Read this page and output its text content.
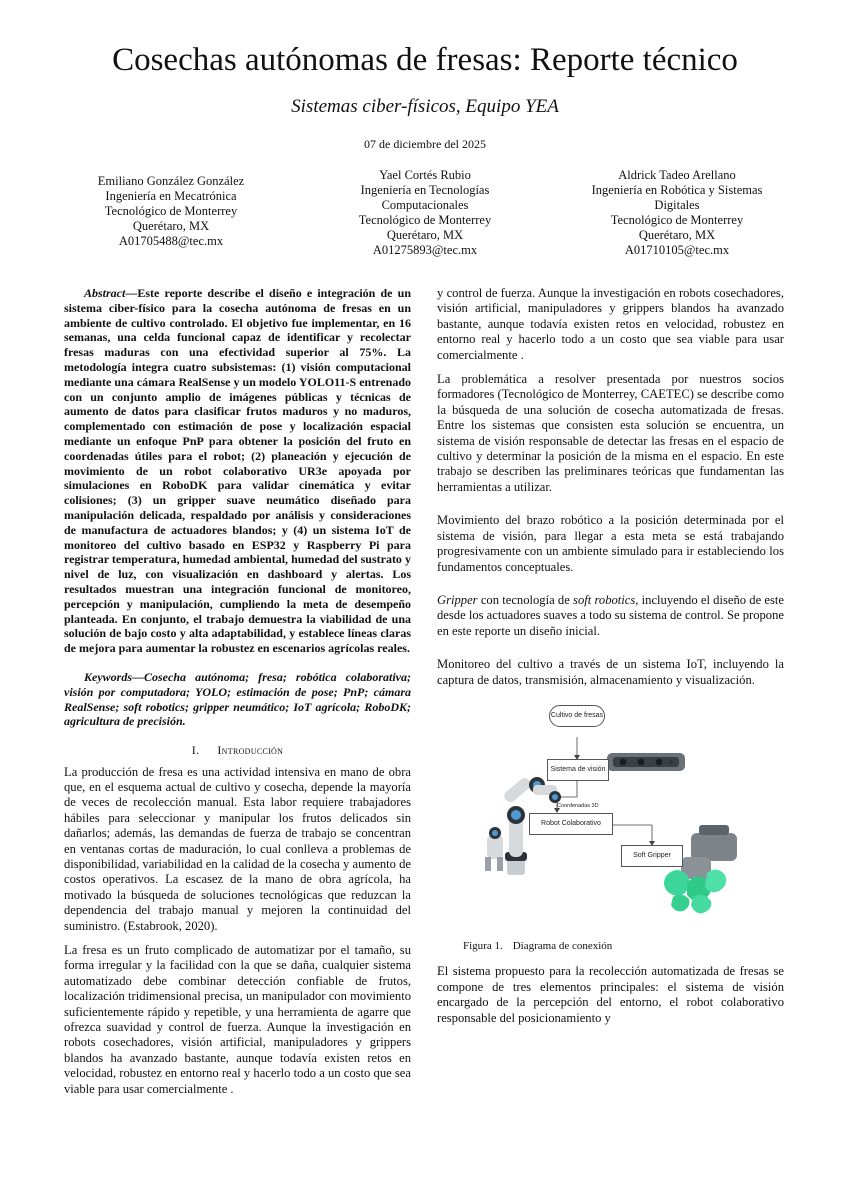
Cosechas autónomas de fresas: Reporte técnico
Sistemas ciber-físicos, Equipo YEA
07 de diciembre del 2025
Emiliano González González
Ingeniería en Mecatrónica
Tecnológico de Monterrey
Querétaro, MX
A01705488@tec.mx
Yael Cortés Rubio
Ingeniería en Tecnologías
Computacionales
Tecnológico de Monterrey
Querétaro, MX
A01275893@tec.mx
Aldrick Tadeo Arellano
Ingeniería en Robótica y Sistemas
Digitales
Tecnológico de Monterrey
Querétaro, MX
A01710105@tec.mx

Abstract—Este reporte describe el diseño e integración de un sistema ciber-físico para la cosecha autónoma de fresas en un ambiente de cultivo controlado. El objetivo fue implementar, en 16 semanas, una celda funcional capaz de identificar y recolectar fresas maduras con una efectividad superior al 75%. La metodología integra cuatro subsistemas: (1) visión computacional mediante una cámara RealSense y un modelo YOLO11-S entrenado con un conjunto amplio de imágenes públicas y técnicas de aumento de datos para clasificar frutos maduros y no maduros, complementado con estimación de pose y localización espacial mediante un enfoque PnP para obtener la posición del fruto en coordenadas útiles para el robot; (2) planeación y ejecución de movimiento de un robot colaborativo UR3e apoyada por simulaciones en RoboDK para validar cinemática y evitar colisiones; (3) un gripper suave neumático diseñado para manipulación delicada, respaldado por análisis y consideraciones de manufactura de actuadores blandos; y (4) un sistema IoT de monitoreo del cultivo basado en ESP32 y Raspberry Pi para registrar temperatura, humedad ambiental, humedad del sustrato y nivel de luz, con visualización en dashboard y alertas. Los resultados muestran una integración funcional de monitoreo, percepción y manipulación, cumpliendo la meta de desempeño planteada. En conjunto, el trabajo demuestra la viabilidad de una solución de bajo costo y alta adaptabilidad, y establece líneas claras de mejora para aumentar la robustez en escenarios agrícolas reales.

Keywords—Cosecha autónoma; fresa; robótica colaborativa; visión por computadora; YOLO; estimación de pose; PnP; cámara RealSense; soft robotics; gripper neumático; IoT agrícola; RoboDK; agricultura de precisión.

I. Introducción

La producción de fresa es una actividad intensiva en mano de obra que, en el esquema actual de cultivo y cosecha, depende la mayoría de veces de recolección manual. Esta labor requiere trabajadores hábiles para seleccionar y manipular los frutos delicados sin dañarlos; además, las demandas de fuerza de trabajo se concentran en ventanas cortas de maduración, lo cual conlleva a problemas de disponibilidad, variabilidad en la calidad de la cosecha y aumento de costos operativos. La escasez de la mano de obra agrícola, ha motivado la búsqueda de soluciones tecnológicas que reduzcan la dependencia del trabajo manual y mejoren la continuidad del suministro. (Estabrook, 2020).

La fresa es un fruto complicado de automatizar por el tamaño, su forma irregular y la facilidad con la que se daña, cualquier sistema automatizado debe combinar detección confiable de frutos, localización tridimensional precisa, un manipulador con movimiento suficientemente rápido y repetible, y una herramienta de agarre que ofrezca suavidad y control de fuerza. Aunque la investigación en robots cosechadores, visión artificial, manipuladores y grippers blandos ha avanzado bastante, aunque todavía existen retos en velocidad, robustez en entorno real y hacerlo todo a un costo que sea viable para usar comercialmente .

y control de fuerza. Aunque la investigación en robots cosechadores, visión artificial, manipuladores y grippers blandos ha avanzado bastante, aunque todavía existen retos en velocidad, robustez en entorno real y hacerlo todo a un costo que sea viable para usar comercialmente .

La problemática a resolver presentada por nuestros socios formadores (Tecnológico de Monterrey, CAETEC) se describe como la búsqueda de una solución de cosecha automatizada de fresas. Entre los sistemas que consisten esta solución se encuentra, un sistema de visión responsable de detectar las fresas en el espacio de cultivo y determinar la posición de la misma en el espacio. En este trabajo se describen las preliminares teóricas que fundamentan las herramientas a utilizar.

Movimiento del brazo robótico a la posición determinada por el sistema de visión, para llegar a esta meta se está trabajando progresivamente con un ambiente simulado para ir estableciendo los fundamentos conceptuales.

Gripper con tecnología de soft robotics, incluyendo el diseño de este desde los actuadores suaves a todo su sistema de control. Se propone en este reporte un diseño inicial.

Monitoreo del cultivo a través de un sistema IoT, incluyendo la captura de datos, transmisión, almacenamiento y visualización.

Cultivo de fresas
Sistema de visión
Coordenadas 3D
Robot Colaborativo
Soft Gripper
Figura 1. Diagrama de conexión

El sistema propuesto para la recolección automatizada de fresas se compone de tres elementos principales: el sistema de visión encargado de la percepción del entorno, el robot colaborativo responsable del posicionamiento y
